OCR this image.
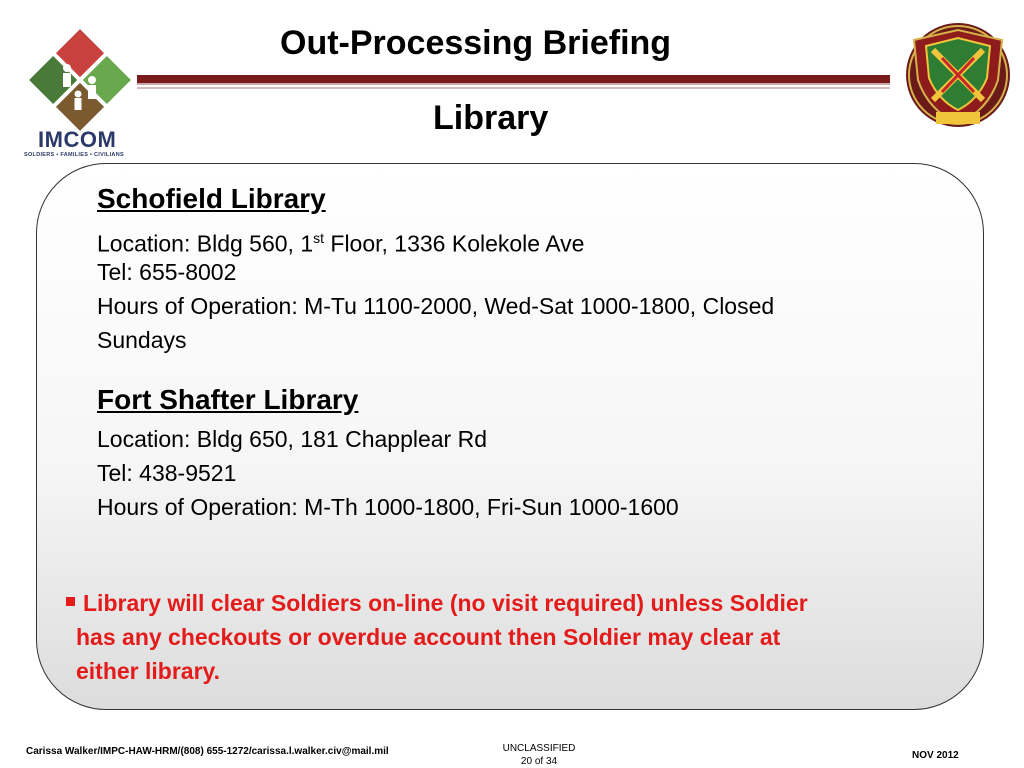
IMCOM
SOLDIERS • FAMILIES • CIVILIANS
Out-Processing Briefing
Library
Schofield Library
Location: Bldg 560, 1st Floor, 1336 Kolekole Ave
Tel: 655-8002
Hours of Operation: M-Tu 1100-2000, Wed-Sat 1000-1800, Closed
Sundays
Fort Shafter Library
Location: Bldg 650, 181 Chapplear Rd
Tel: 438-9521
Hours of Operation: M-Th 1000-1800, Fri-Sun 1000-1600
Library will clear Soldiers on-line (no visit required) unless Soldier
has any checkouts or overdue account then Soldier may clear at
either library.
Carissa Walker/IMPC-HAW-HRM/(808) 655-1272/carissa.l.walker.civ@mail.mil	UNCLASSIFIED
20 of 34
NOV 2012
